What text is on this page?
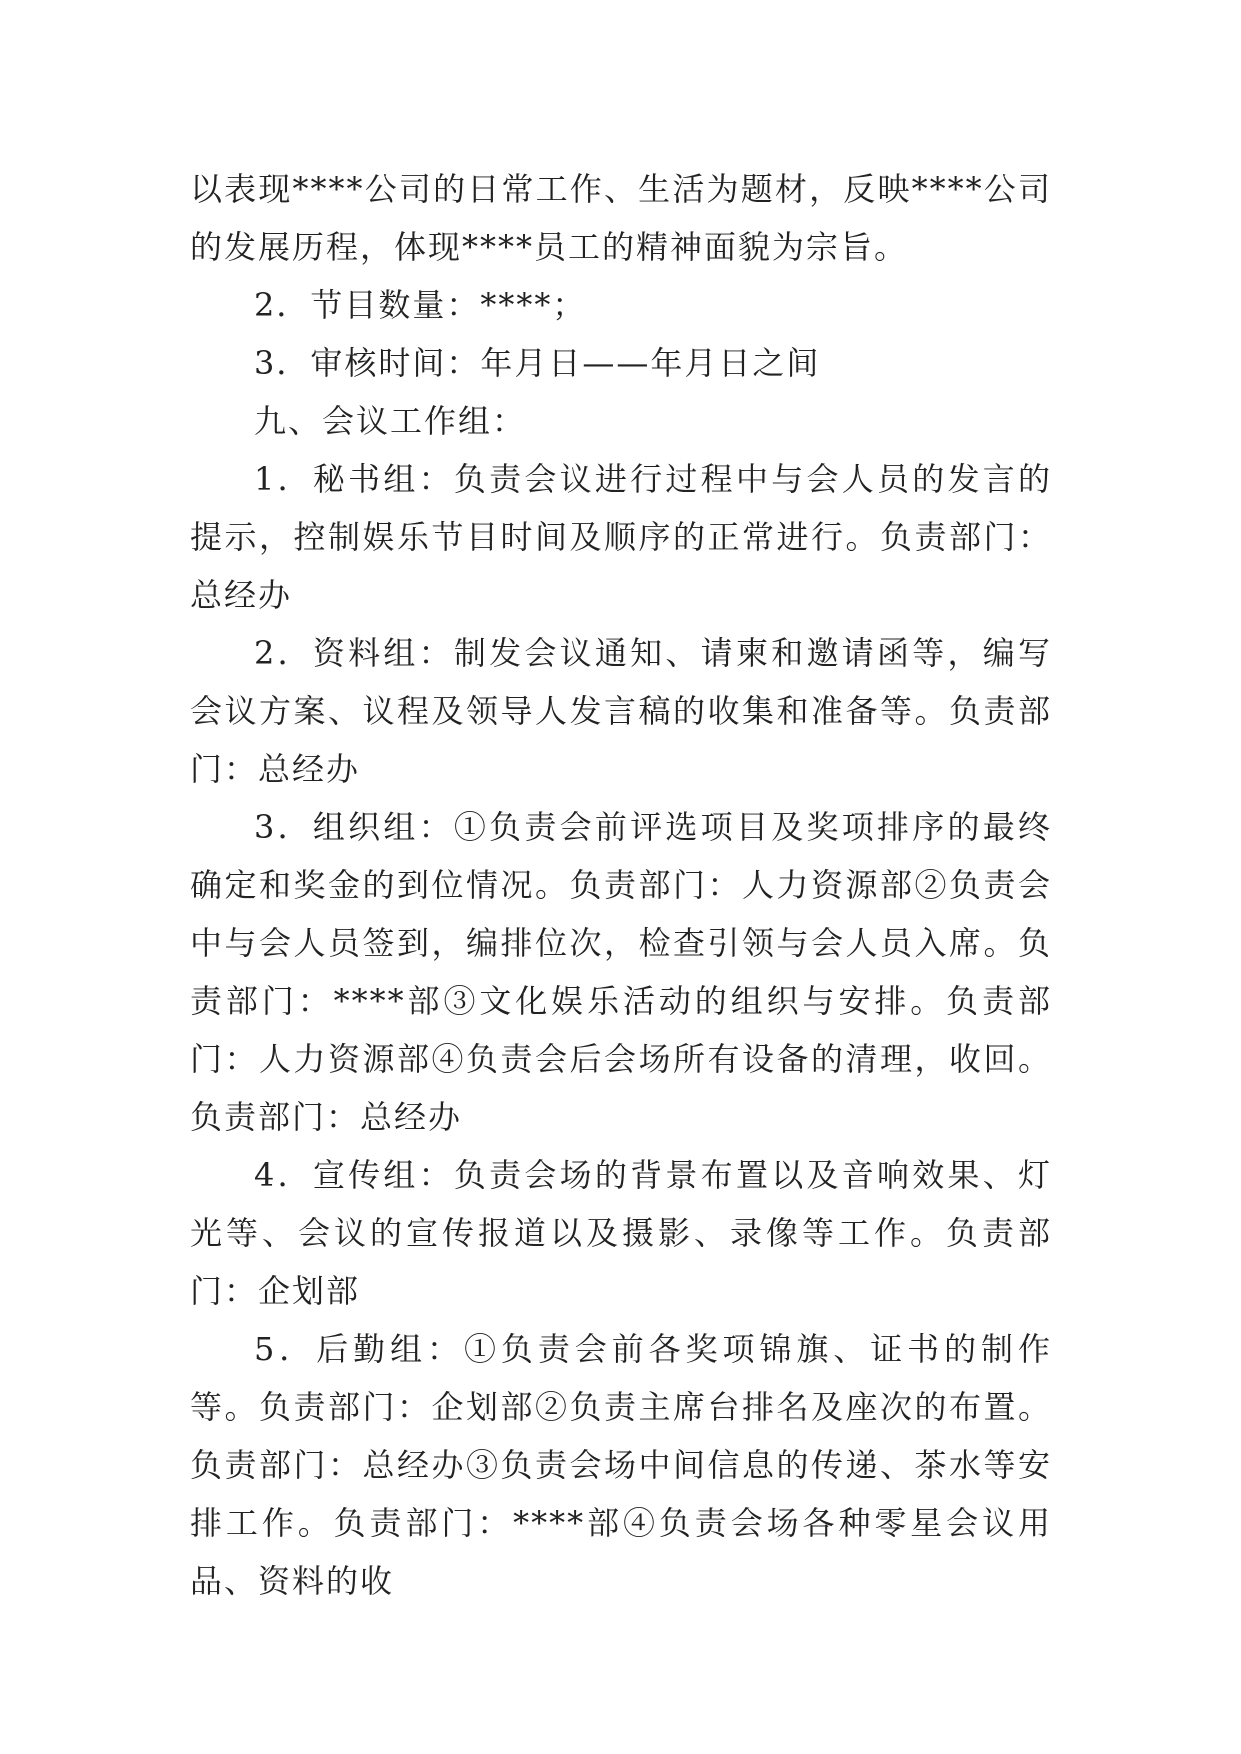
以表现****公司的日常工作、生活为题材，反映****公司的发展历程，体现****员工的精神面貌为宗旨。

2．节目数量：****；

3．审核时间：年月日——年月日之间

九、会议工作组：

1．秘书组：负责会议进行过程中与会人员的发言的提示，控制娱乐节目时间及顺序的正常进行。负责部门：总经办

2．资料组：制发会议通知、请柬和邀请函等，编写会议方案、议程及领导人发言稿的收集和准备等。负责部门：总经办

3．组织组：①负责会前评选项目及奖项排序的最终确定和奖金的到位情况。负责部门：人力资源部②负责会中与会人员签到，编排位次，检查引领与会人员入席。负责部门：****部③文化娱乐活动的组织与安排。负责部门：人力资源部④负责会后会场所有设备的清理，收回。负责部门：总经办

4．宣传组：负责会场的背景布置以及音响效果、灯光等、会议的宣传报道以及摄影、录像等工作。负责部门：企划部

5．后勤组：①负责会前各奖项锦旗、证书的制作等。负责部门：企划部②负责主席台排名及座次的布置。负责部门：总经办③负责会场中间信息的传递、茶水等安排工作。负责部门：****部④负责会场各种零星会议用品、资料的收
